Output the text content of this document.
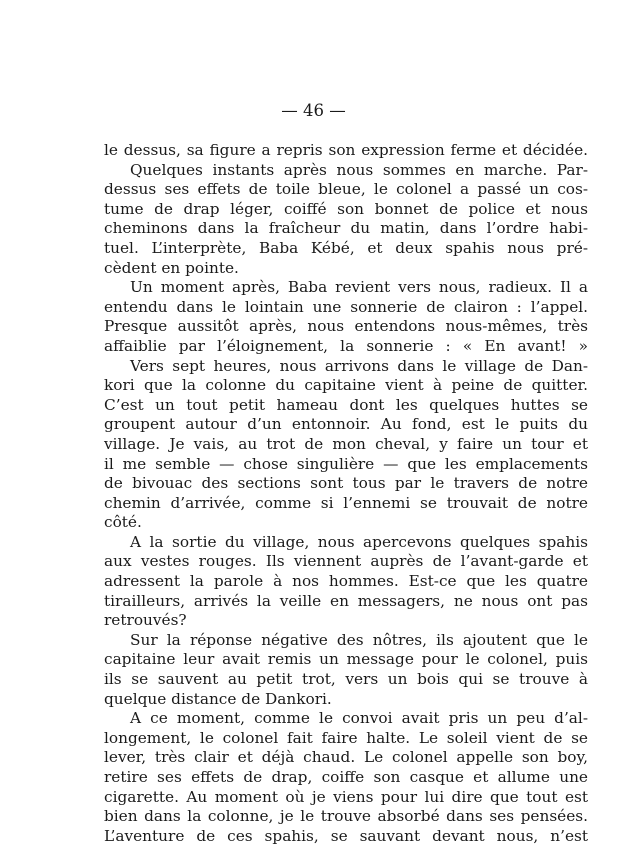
— 46 —
le dessus, sa figure a repris son expression ferme et décidée.
Quelques instants après nous sommes en marche. Par-
dessus ses effets de toile bleue, le colonel a passé un cos-
tume de drap léger, coiffé son bonnet de police et nous
cheminons dans la fraîcheur du matin, dans l’ordre habi-
tuel. L’interprète, Baba Kébé, et deux spahis nous pré-
cèdent en pointe.
Un moment après, Baba revient vers nous, radieux. Il a
entendu dans le lointain une sonnerie de clairon : l’appel.
Presque aussitôt après, nous entendons nous-mêmes, très
affaiblie par l’éloignement, la sonnerie : « En avant! »
Vers sept heures, nous arrivons dans le village de Dan-
kori que la colonne du capitaine vient à peine de quitter.
C’est un tout petit hameau dont les quelques huttes se
groupent autour d’un entonnoir. Au fond, est le puits du
village. Je vais, au trot de mon cheval, y faire un tour et
il me semble — chose singulière — que les emplacements
de bivouac des sections sont tous par le travers de notre
chemin d’arrivée, comme si l’ennemi se trouvait de notre
côté.
A la sortie du village, nous apercevons quelques spahis
aux vestes rouges. Ils viennent auprès de l’avant-garde et
adressent la parole à nos hommes. Est-ce que les quatre
tirailleurs, arrivés la veille en messagers, ne nous ont pas
retrouvés?
Sur la réponse négative des nôtres, ils ajoutent que le
capitaine leur avait remis un message pour le colonel, puis
ils se sauvent au petit trot, vers un bois qui se trouve à
quelque distance de Dankori.
A ce moment, comme le convoi avait pris un peu d’al-
longement, le colonel fait faire halte. Le soleil vient de se
lever, très clair et déjà chaud. Le colonel appelle son boy,
retire ses effets de drap, coiffe son casque et allume une
cigarette. Au moment où je viens pour lui dire que tout est
bien dans la colonne, je le trouve absorbé dans ses pensées.
L’aventure de ces spahis, se sauvant devant nous, n’est
